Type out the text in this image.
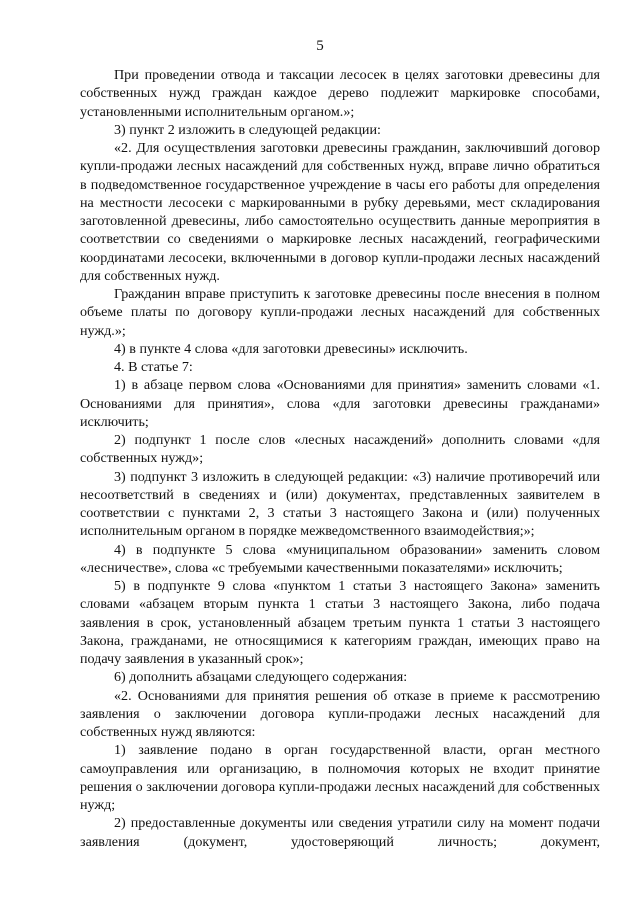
5

При проведении отвода и таксации лесосек в целях заготовки древесины для собственных нужд граждан каждое дерево подлежит маркировке способами, установленными исполнительным органом.»;

3) пункт 2 изложить в следующей редакции:

«2. Для осуществления заготовки древесины гражданин, заключивший договор купли-продажи лесных насаждений для собственных нужд, вправе лично обратиться в подведомственное государственное учреждение в часы его работы для определения на местности лесосеки с маркированными в рубку деревьями, мест складирования заготовленной древесины, либо самостоятельно осуществить данные мероприятия в соответствии со сведениями о маркировке лесных насаждений, географическими координатами лесосеки, включенными в договор купли-продажи лесных насаждений для собственных нужд.

Гражданин вправе приступить к заготовке древесины после внесения в полном объеме платы по договору купли-продажи лесных насаждений для собственных нужд.»;

4) в пункте 4 слова «для заготовки древесины» исключить.

4. В статье 7:

1) в абзаце первом слова «Основаниями для принятия» заменить словами «1. Основаниями для принятия», слова «для заготовки древесины гражданами» исключить;

2) подпункт 1 после слов «лесных насаждений» дополнить словами «для собственных нужд»;

3) подпункт 3 изложить в следующей редакции: «3) наличие противоречий или несоответствий в сведениях и (или) документах, представленных заявителем в соответствии с пунктами 2, 3 статьи 3 настоящего Закона и (или) полученных исполнительным органом в порядке межведомственного взаимодействия;»;

4) в подпункте 5 слова «муниципальном образовании» заменить словом «лесничестве», слова «с требуемыми качественными показателями» исключить;

5) в подпункте 9 слова «пунктом 1 статьи 3 настоящего Закона» заменить словами «абзацем вторым пункта 1 статьи 3 настоящего Закона, либо подача заявления в срок, установленный абзацем третьим пункта 1 статьи 3 настоящего Закона, гражданами, не относящимися к категориям граждан, имеющих право на подачу заявления в указанный срок»;

6) дополнить абзацами следующего содержания:

«2. Основаниями для принятия решения об отказе в приеме к рассмотрению заявления о заключении договора купли-продажи лесных насаждений для собственных нужд являются:

1) заявление подано в орган государственной власти, орган местного самоуправления или организацию, в полномочия которых не входит принятие решения о заключении договора купли-продажи лесных насаждений для собственных нужд;

2) предоставленные документы или сведения утратили силу на момент подачи заявления (документ, удостоверяющий личность; документ,
